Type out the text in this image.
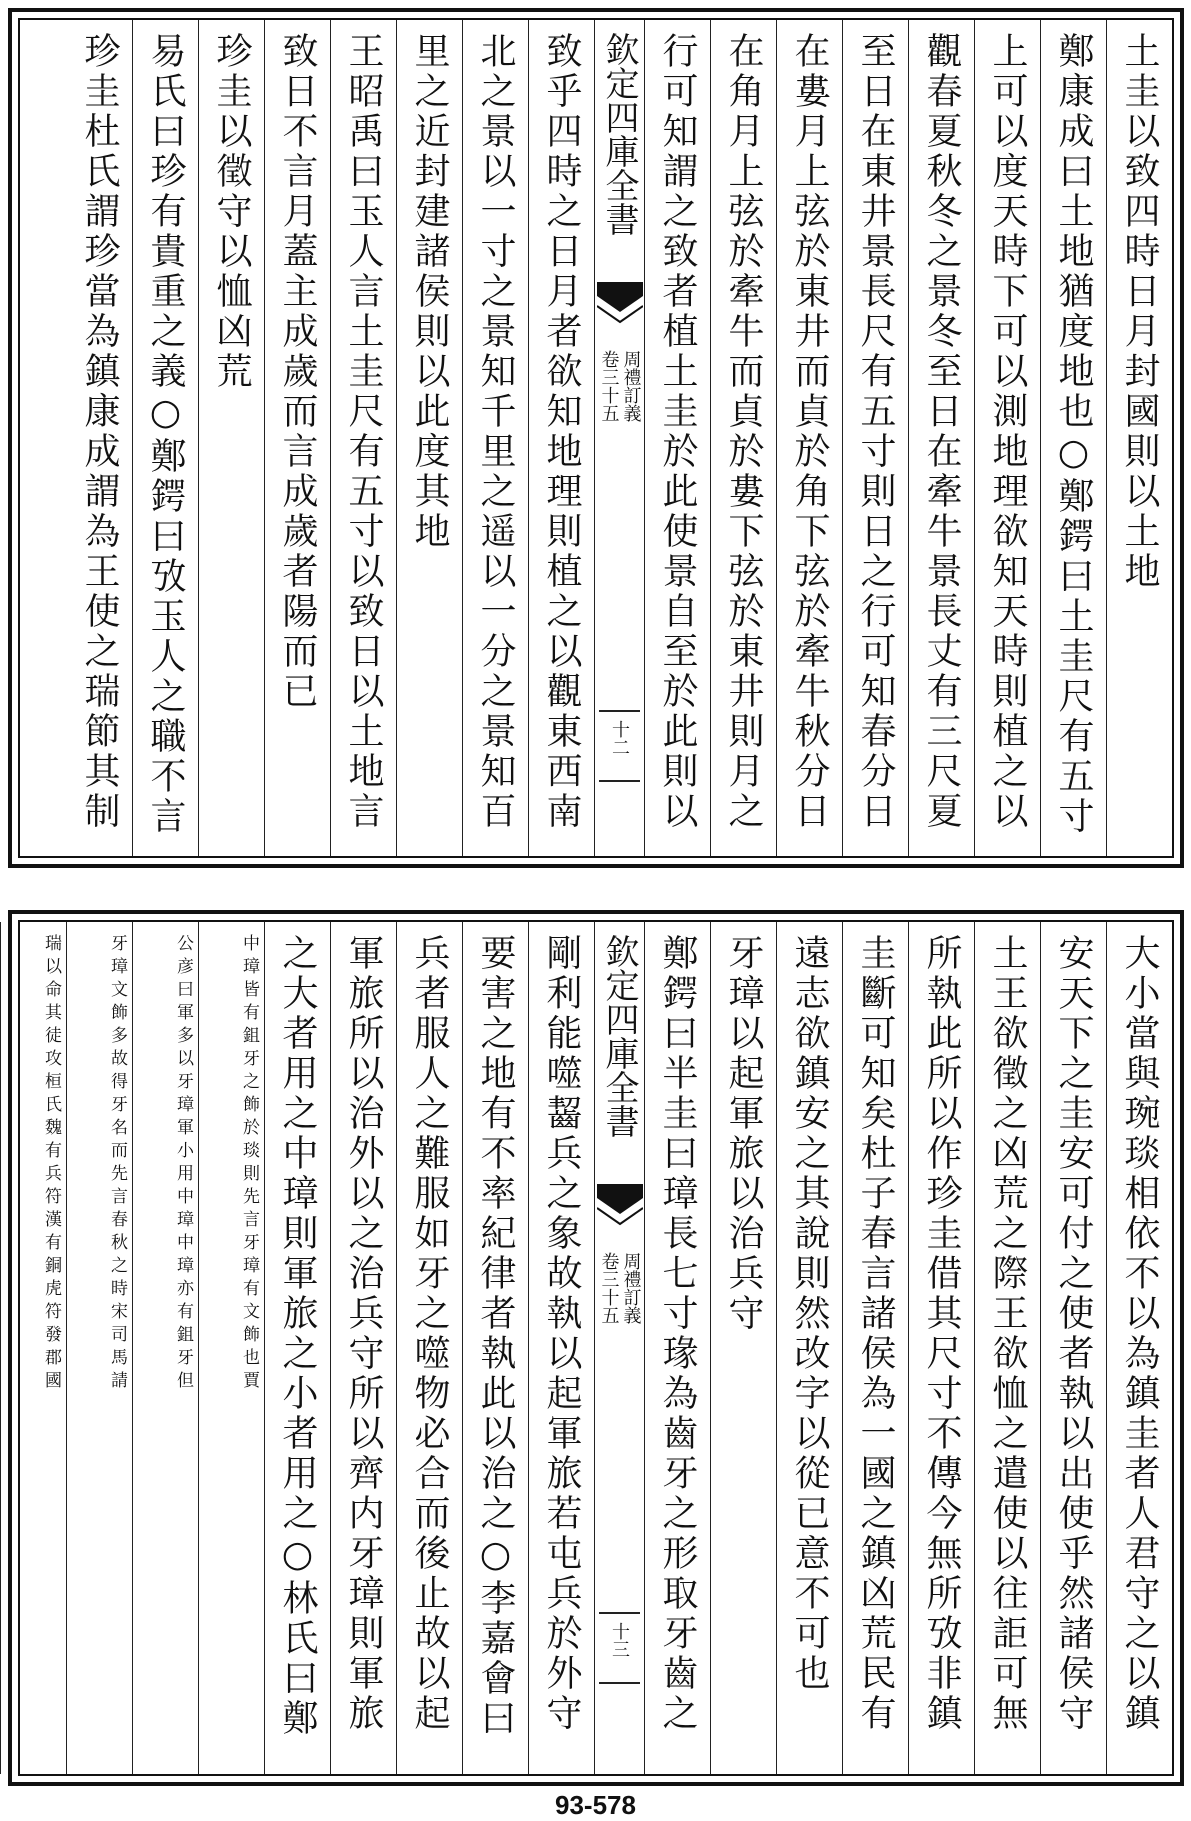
土圭以致四時日月封國則以土地
鄭康成曰土地猶度地也○鄭鍔曰土圭尺有五寸
上可以度天時下可以測地理欲知天時則植之以
觀春夏秋冬之景冬至日在牽牛景長丈有三尺夏
至日在東井景長尺有五寸則日之行可知春分日
在婁月上弦於東井而貞於角下弦於牽牛秋分日
在角月上弦於牽牛而貞於婁下弦於東井則月之
行可知謂之致者植土圭於此使景自至於此則以
欽定四庫全書
周禮訂義
卷三十五
十二
致乎四時之日月者欲知地理則植之以觀東西南
北之景以一寸之景知千里之遥以一分之景知百
里之近封建諸侯則以此度其地
王昭禹曰玉人言土圭尺有五寸以致日以土地言
致日不言月蓋主成歲而言成歲者陽而已
珍圭以徵守以恤凶荒
易氏曰珍有貴重之義○鄭鍔曰攷玉人之職不言
珍圭杜氏謂珍當為鎮康成謂為王使之瑞節其制
大小當與琬琰相依不以為鎮圭者人君守之以鎮
安天下之圭安可付之使者執以出使乎然諸侯守
土王欲徵之凶荒之際王欲恤之遣使以往詎可無
所執此所以作珍圭借其尺寸不傳今無所攷非鎮
圭斷可知矣杜子春言諸侯為一國之鎮凶荒民有
遠志欲鎮安之其說則然改字以從已意不可也
牙璋以起軍旅以治兵守
鄭鍔曰半圭曰璋長七寸瑑為齒牙之形取牙齒之
欽定四庫全書
周禮訂義
卷三十五
十三
剛利能噬齧兵之象故執以起軍旅若屯兵於外守
要害之地有不率紀律者執此以治之○李嘉會曰
兵者服人之難服如牙之噬物必合而後止故以起
軍旅所以治外以之治兵守所以齊内牙璋則軍旅
之大者用之中璋則軍旅之小者用之○林氏曰鄭
中璋皆有鉏牙之飾於琰則先言牙璋有文飾也賈
公彦曰軍多以牙璋軍小用中璋中璋亦有鉏牙但
牙璋文飾多故得牙名而先言春秋之時宋司馬請
瑞以命其徒攻桓氏魏有兵符漢有銅虎符發郡國
93-578
